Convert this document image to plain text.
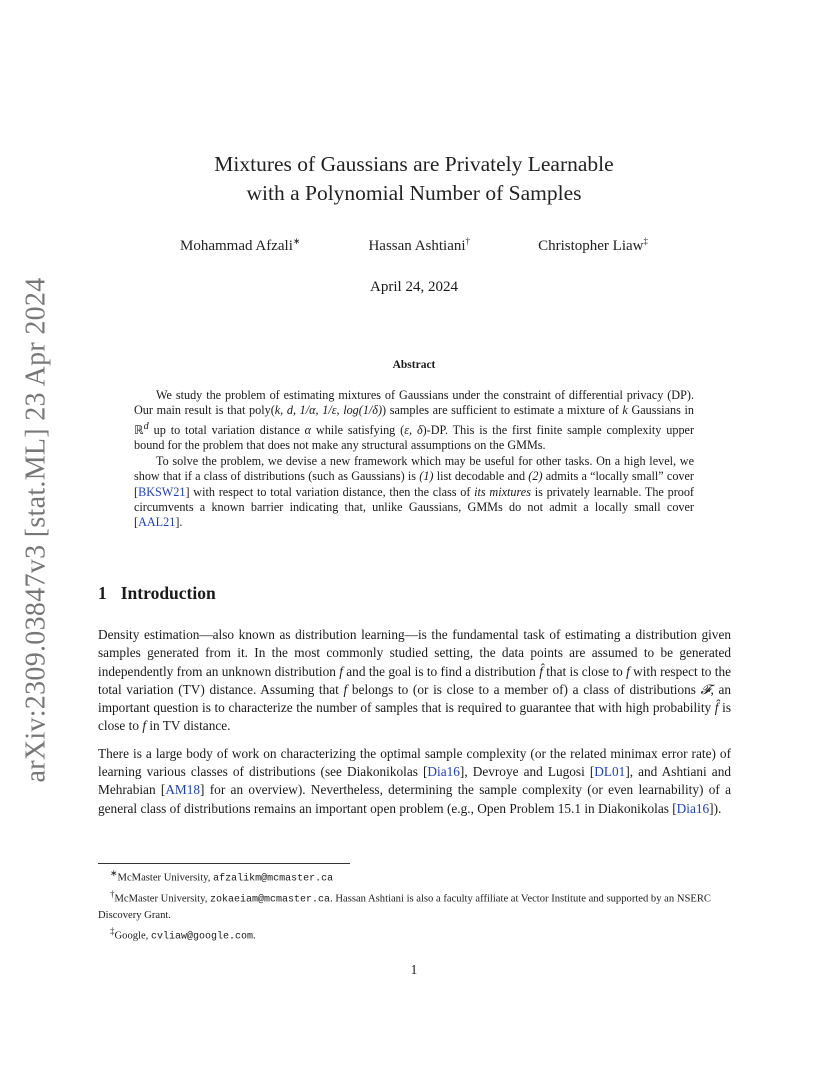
arXiv:2309.03847v3 [stat.ML] 23 Apr 2024
Mixtures of Gaussians are Privately Learnable
with a Polynomial Number of Samples
Mohammad Afzali∗	Hassan Ashtiani†	Christopher Liaw‡
April 24, 2024
Abstract

We study the problem of estimating mixtures of Gaussians under the constraint of differential privacy (DP). Our main result is that poly(k, d, 1/α, 1/ε, log(1/δ)) samples are sufficient to estimate a mixture of k Gaussians in ℝ$^d$ up to total variation distance α while satisfying (ε, δ)-DP. This is the first finite sample complexity upper bound for the problem that does not make any structural assumptions on the GMMs.

To solve the problem, we devise a new framework which may be useful for other tasks. On a high level, we show that if a class of distributions (such as Gaussians) is (1) list decodable and (2) admits a “locally small” cover [BKSW21] with respect to total variation distance, then the class of its mixtures is privately learnable. The proof circumvents a known barrier indicating that, unlike Gaussians, GMMs do not admit a locally small cover [AAL21].

1 Introduction

Density estimation—also known as distribution learning—is the fundamental task of estimating a distribution given samples generated from it. In the most commonly studied setting, the data points are assumed to be generated independently from an unknown distribution f and the goal is to find a distribution f̂ that is close to f with respect to the total variation (TV) distance. Assuming that f belongs to (or is close to a member of) a class of distributions 𝓕, an important question is to characterize the number of samples that is required to guarantee that with high probability f̂ is close to f in TV distance.

There is a large body of work on characterizing the optimal sample complexity (or the related minimax error rate) of learning various classes of distributions (see Diakonikolas [Dia16], Devroye and Lugosi [DL01], and Ashtiani and Mehrabian [AM18] for an overview). Nevertheless, determining the sample complexity (or even learnability) of a general class of distributions remains an important open problem (e.g., Open Problem 15.1 in Diakonikolas [Dia16]).

∗McMaster University, afzalikm@mcmaster.ca

†McMaster University, zokaeiam@mcmaster.ca. Hassan Ashtiani is also a faculty affiliate at Vector Institute and supported by an NSERC Discovery Grant.

‡Google, cvliaw@google.com.

1
